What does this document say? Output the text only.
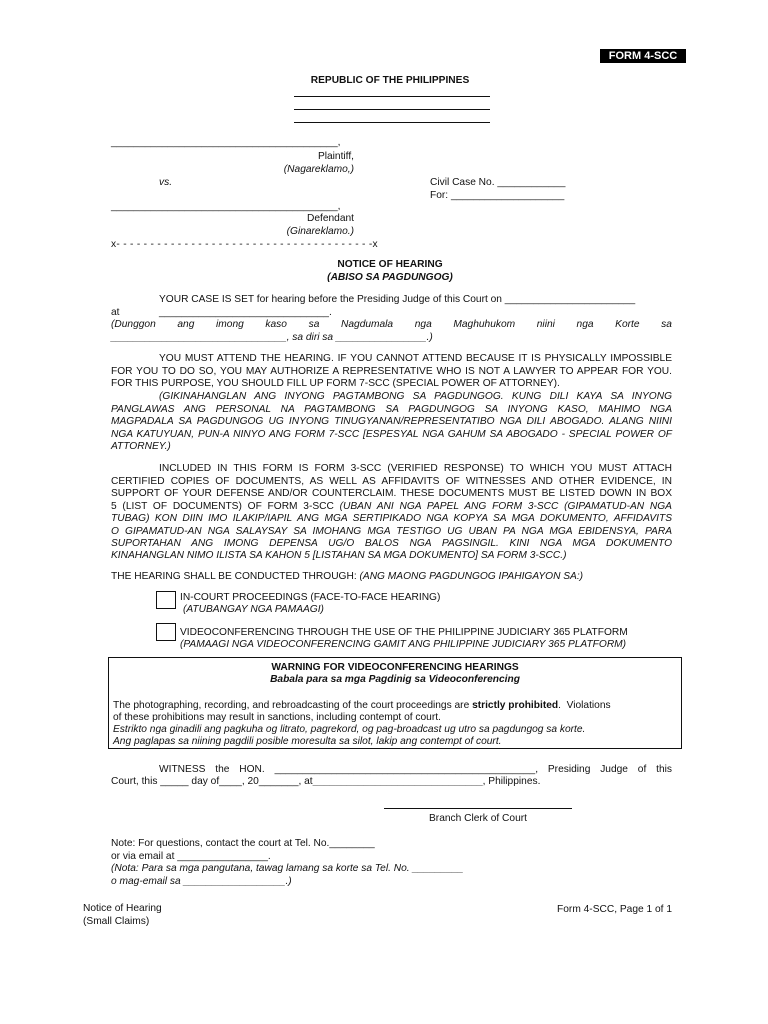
FORM 4-SCC
REPUBLIC OF THE PHILIPPINES
________________________________________,
Plaintiff,
(Nagareklamo,)
vs.	Civil Case No. ____________
For: ____________________
________________________________________,
Defendant
(Ginareklamo.)
x- - - - - - - - - - - - - - - - - - - - - - - - - - - - - - - - - - - - - -x
NOTICE OF HEARING
(ABISO SA PAGDUNGOG)
YOUR CASE IS SET for hearing before the Presiding Judge of this Court on _______________________
at	______________________________.
(Dunggon ang imong kaso sa Nagdumala nga Maghuhukom niini nga Korte sa
_______________________________, sa diri sa ________________.)
YOU MUST ATTEND THE HEARING. IF YOU CANNOT ATTEND BECAUSE IT IS PHYSICALLY IMPOSSIBLE
FOR YOU TO DO SO, YOU MAY AUTHORIZE A REPRESENTATIVE WHO IS NOT A LAWYER TO APPEAR FOR YOU.
FOR THIS PURPOSE, YOU SHOULD FILL UP FORM 7-SCC (SPECIAL POWER OF ATTORNEY).
(GIKINAHANGLAN ANG INYONG PAGTAMBONG SA PAGDUNGOG. KUNG DILI KAYA SA INYONG
PANGLAWAS ANG PERSONAL NA PAGTAMBONG SA PAGDUNGOG SA INYONG KASO, MAHIMO NGA
MAGPADALA SA PAGDUNGOG UG INYONG TINUGYANAN/REPRESENTATIBO NGA DILI ABOGADO. ALANG NIINI
NGA KATUYUAN, PUN-A NINYO ANG FORM 7-SCC [ESPESYAL NGA GAHUM SA ABOGADO - SPECIAL POWER OF
ATTORNEY.)
INCLUDED IN THIS FORM IS FORM 3-SCC (VERIFIED RESPONSE) TO WHICH YOU MUST ATTACH
CERTIFIED COPIES OF DOCUMENTS, AS WELL AS AFFIDAVITS OF WITNESSES AND OTHER EVIDENCE, IN
SUPPORT OF YOUR DEFENSE AND/OR COUNTERCLAIM. THESE DOCUMENTS MUST BE LISTED DOWN IN BOX
5 (LIST OF DOCUMENTS) OF FORM 3-SCC (UBAN ANI NGA PAPEL ANG FORM 3-SCC (GIPAMATUD-AN NGA
TUBAG) KON DIIN IMO ILAKIP/IAPIL ANG MGA SERTIPIKADO NGA KOPYA SA MGA DOKUMENTO, AFFIDAVITS
O GIPAMATUD-AN NGA SALAYSAY SA IMOHANG MGA TESTIGO UG UBAN PA NGA MGA EBIDENSYA, PARA
SUPORTAHAN ANG IMONG DEPENSA UG/O BALOS NGA PAGSINGIL. KINI NGA MGA DOKUMENTO
KINAHANGLAN NIMO ILISTA SA KAHON 5 [LISTAHAN SA MGA DOKUMENTO] SA FORM 3-SCC.)
THE HEARING SHALL BE CONDUCTED THROUGH: (ANG MAONG PAGDUNGOG IPAHIGAYON SA:)
IN-COURT PROCEEDINGS (FACE-TO-FACE HEARING)
(ATUBANGAY NGA PAMAAGI)
VIDEOCONFERENCING THROUGH THE USE OF THE PHILIPPINE JUDICIARY 365 PLATFORM
(PAMAAGI NGA VIDEOCONFERENCING GAMIT ANG PHILIPPINE JUDICIARY 365 PLATFORM)
WARNING FOR VIDEOCONFERENCING HEARINGS
Babala para sa mga Pagdinig sa Videoconferencing
The photographing, recording, and rebroadcasting of the court proceedings are strictly prohibited.  Violations
of these prohibitions may result in sanctions, including contempt of court.
Estrikto nga ginadili ang pagkuha og litrato, pagrekord, og pag-broadcast ug utro sa pagdungog sa korte.
Ang paglapas sa niining pagdili posible moresulta sa silot, lakip ang contempt of court.
WITNESS the HON. ______________________________________________, Presiding Judge of this
Court, this _____ day of____, 20_______, at______________________________, Philippines.
Branch Clerk of Court
Note: For questions, contact the court at Tel. No.________
or via email at ________________.
(Nota: Para sa mga pangutana, tawag lamang sa korte sa Tel. No. _________
o mag-email sa __________________.)
Notice of Hearing
(Small Claims)
Form 4-SCC, Page 1 of 1
